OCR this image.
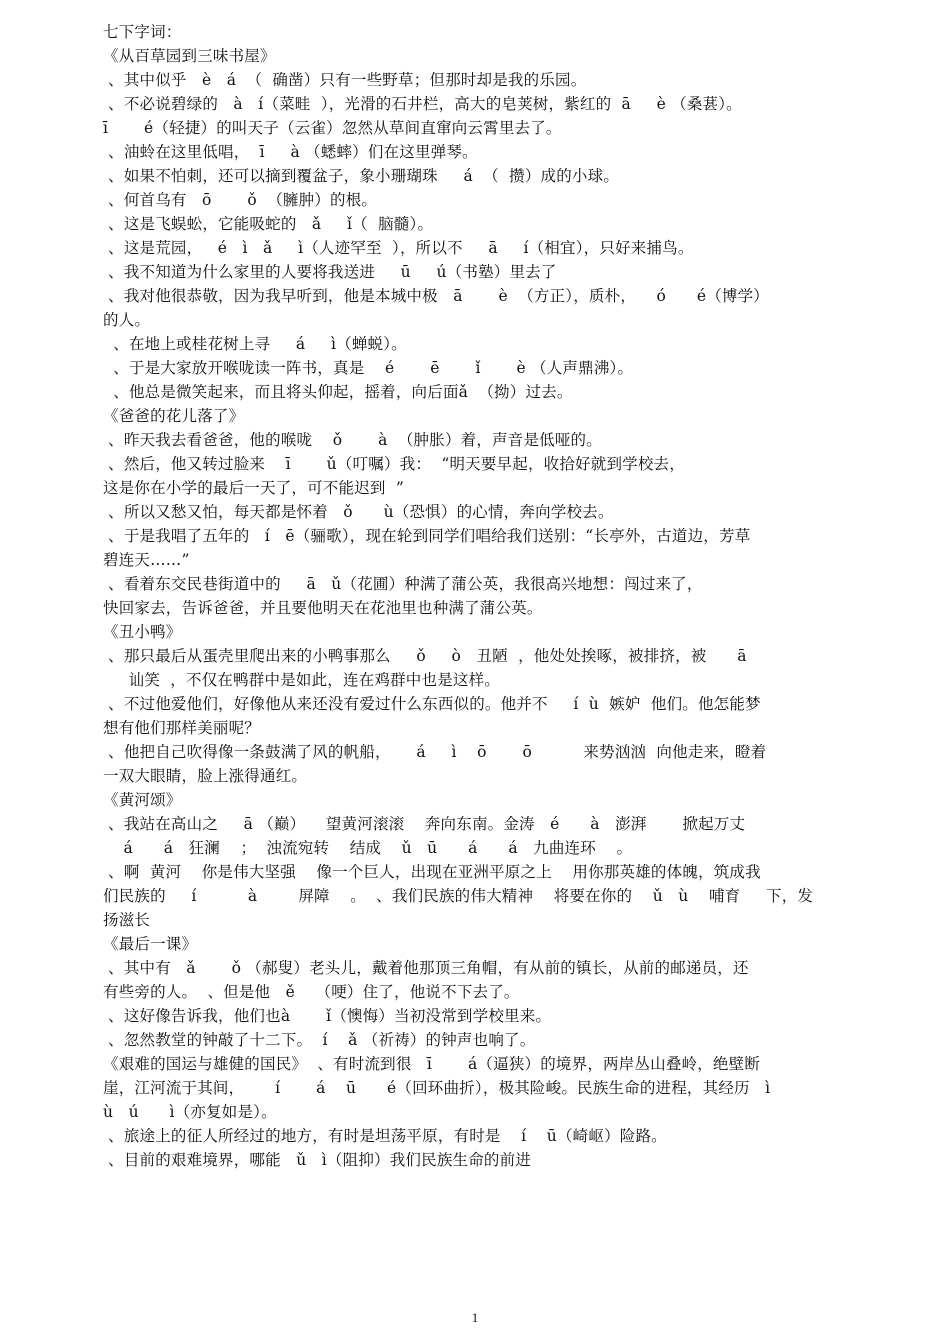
七下字词：
《从百草园到三味书屋》
、其中似乎   è   á  （  确凿）只有一些野草；但那时却是我的乐园。
、不必说碧绿的   à   í（菜畦  ），光滑的石井栏，高大的皂荚树，紫红的  ā     è （桑葚）。
ī       é（轻捷）的叫天子（云雀）忽然从草间直窜向云霄里去了。
、油蛉在这里低唱，  ī     à （蟋蟀）们在这里弹琴。
、如果不怕刺，还可以摘到覆盆子，象小珊瑚珠     á  （  攒）成的小球。
、何首乌有   ō       ǒ  （臃肿）的根。
、这是飞蜈蚣，它能吸蛇的   ǎ     ǐ（  脑髓）。
、这是荒园，   é   ì   ǎ     ì（人迹罕至  ），所以不     ā     í（相宜），只好来捕鸟。
、我不知道为什么家里的人要将我送进     ū     ú（书塾）里去了
、我对他很恭敬，因为我早听到，他是本城中极   ā       è  （方正），质朴，    ó      é（博学）
的人。
、在地上或桂花树上寻     á     ì（蝉蜕）。
、于是大家放开喉咙读一阵书，真是    é       ē       ǐ       è （人声鼎沸）。
、他总是微笑起来，而且将头仰起，摇着，向后面ǎ  （拗）过去。
《爸爸的花儿落了》
、昨天我去看爸爸，他的喉咙    ǒ       à  （肿胀）着，声音是低哑的。
、然后，他又转过脸来    ī       ǔ（叮嘱）我：  “明天要早起，收拾好就到学校去，
这是你在小学的最后一天了，可不能迟到  ”
、所以又愁又怕，每天都是怀着   ǒ      ù（恐惧）的心情，奔向学校去。
、于是我唱了五年的   í   ē（骊歌），现在轮到同学们唱给我们送别：“长亭外，古道边，芳草
碧连天……”
、看着东交民巷街道中的     ā   ǔ（花圃）种满了蒲公英，我很高兴地想：闯过来了，
快回家去，告诉爸爸，并且要他明天在花池里也种满了蒲公英。
《丑小鸭》
、那只最后从蛋壳里爬出来的小鸭事那么     ǒ     ò   丑陋  ，他处处挨啄，被排挤，被      ā
讪笑  ，不仅在鸭群中是如此，连在鸡群中也是这样。
、不过他爱他们，好像他从来还没有爱过什么东西似的。他并不     í  ù  嫉妒  他们。他怎能梦
想有他们那样美丽呢？
、他把自己吹得像一条鼓满了风的帆船，     á     ì    ō       ō          来势汹汹  向他走来，瞪着
一双大眼睛，脸上涨得通红。
《黄河颂》
、我站在高山之     ā （巅）    望黄河滚滚    奔向东南。金涛   é      à   澎湃       掀起万丈
á      á   狂澜    ；  浊流宛转    结成    ǔ   ū      á      á   九曲连环    。
、啊  黄河    你是伟大坚强    像一个巨人，出现在亚洲平原之上    用你那英雄的体魄，筑成我
们民族的     í          à        屏障    。  、我们民族的伟大精神    将要在你的    ǔ   ù    哺育     下，发
扬滋长
《最后一课》
、其中有   ǎ       ǒ （郝叟）老头儿，戴着他那顶三角帽，有从前的镇长，从前的邮递员，还
有些旁的人。  、但是他   ě    （哽）住了，他说不下去了。
、这好像告诉我，他们也à       ǐ（懊悔）当初没常到学校里来。
、忽然教堂的钟敲了十二下。  í    ǎ （祈祷）的钟声也响了。
《艰难的国运与雄健的国民》  、有时流到很   ī       á（逼狭）的境界，两岸丛山叠岭，绝壁断
崖，江河流于其间，      í       á    ū      é（回环曲折），极其险峻。民族生命的进程，其经历   ì
ù   ú      ì（亦复如是）。
、旅途上的征人所经过的地方，有时是坦荡平原，有时是    í    ū（崎岖）险路。
、目前的艰难境界，哪能   ǔ   ì（阻抑）我们民族生命的前进
1
